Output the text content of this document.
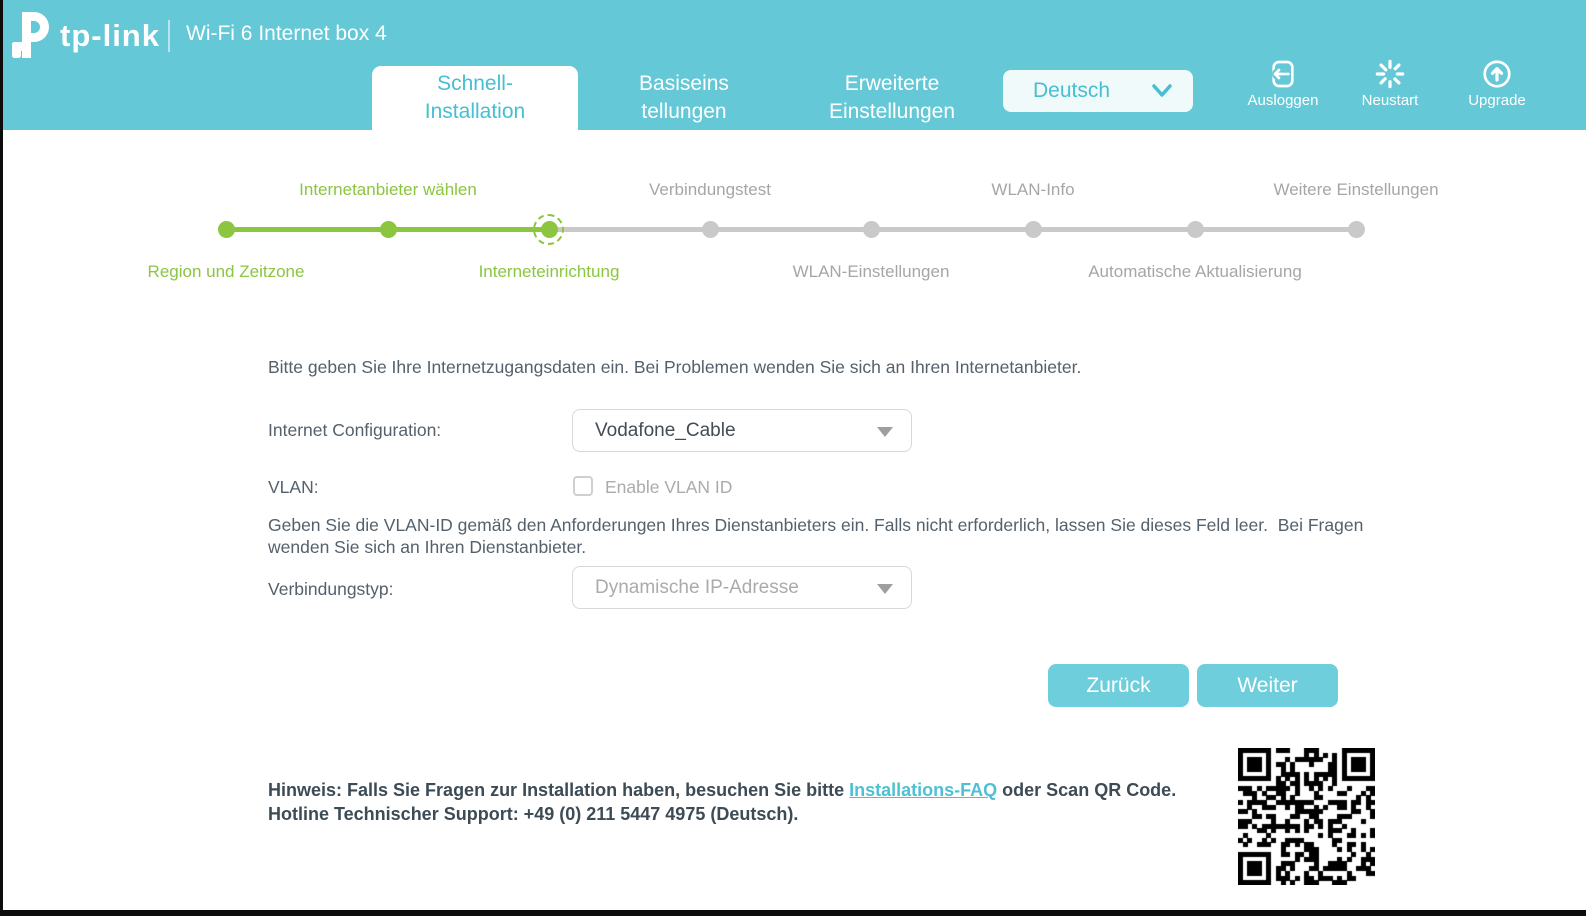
tp-link Wi-Fi 6 Internet box 4
Schnell-
Installation
Basiseins
tellungen
Erweiterte
Einstellungen
Deutsch	Ausloggen	Neustart	Upgrade
Region und Zeitzone
Internetanbieter wählen
Interneteinrichtung
Verbindungstest
WLAN-Einstellungen
WLAN-Info
Automatische Aktualisierung
Weitere Einstellungen
Bitte geben Sie Ihre Internetzugangsdaten ein. Bei Problemen wenden Sie sich an Ihren Internetanbieter.
Internet Configuration:	Vodafone_Cable
VLAN:	Enable VLAN ID
Geben Sie die VLAN-ID gemäß den Anforderungen Ihres Dienstanbieters ein. Falls nicht erforderlich, lassen Sie dieses Feld leer.  Bei Fragen wenden Sie sich an Ihren Dienstanbieter.
Verbindungstyp:	Dynamische IP-Adresse
Zurück	Weiter
Hinweis: Falls Sie Fragen zur Installation haben, besuchen Sie bitte Installations-FAQ oder Scan QR Code.
Hotline Technischer Support: +49 (0) 211 5447 4975 (Deutsch).
